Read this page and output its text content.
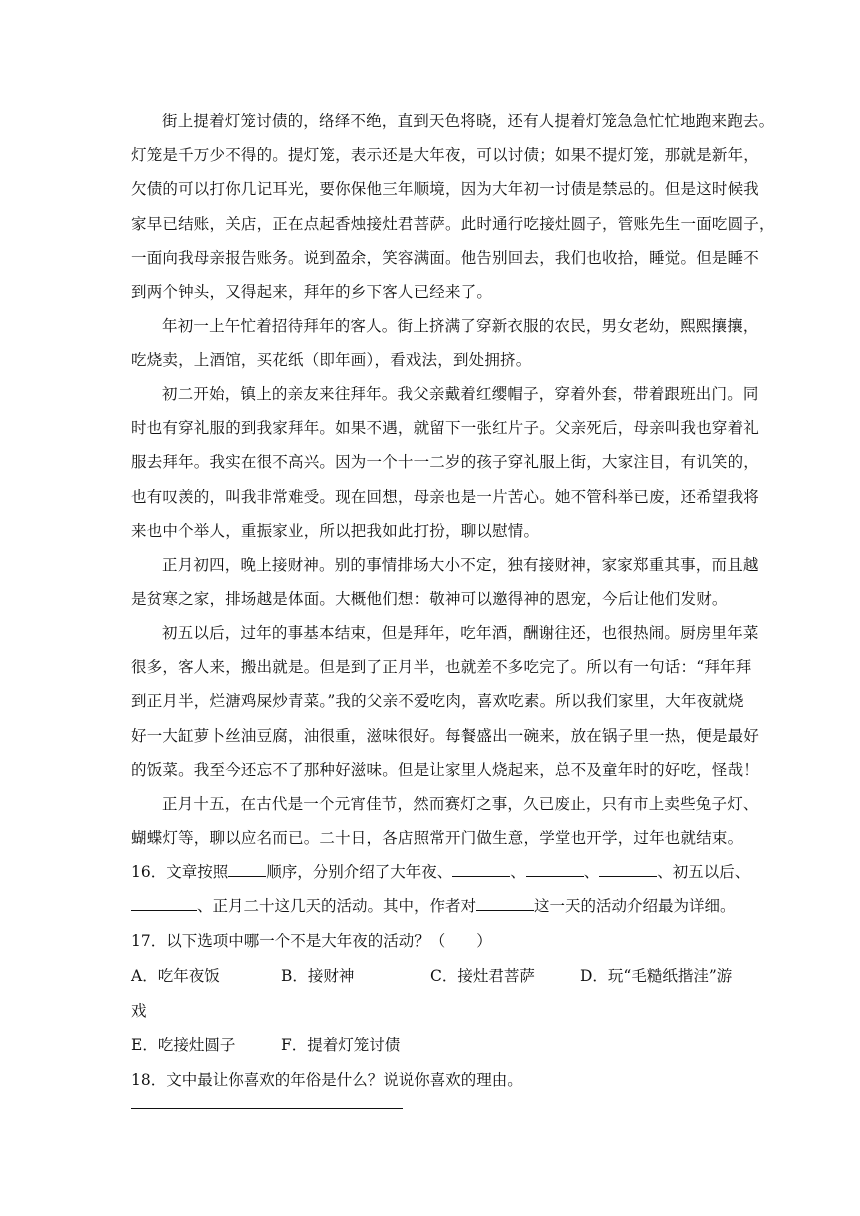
街上提着灯笼讨债的，络绎不绝，直到天色将晓，还有人提着灯笼急急忙忙地跑来跑去。
灯笼是千万少不得的。提灯笼，表示还是大年夜，可以讨债；如果不提灯笼，那就是新年，
欠债的可以打你几记耳光，要你保他三年顺境，因为大年初一讨债是禁忌的。但是这时候我
家早已结账，关店，正在点起香烛接灶君菩萨。此时通行吃接灶圆子，管账先生一面吃圆子，
一面向我母亲报告账务。说到盈余，笑容满面。他告别回去，我们也收拾，睡觉。但是睡不
到两个钟头，又得起来，拜年的乡下客人已经来了。
年初一上午忙着招待拜年的客人。街上挤满了穿新衣服的农民，男女老幼，熙熙攘攘，
吃烧卖，上酒馆，买花纸（即年画），看戏法，到处拥挤。
初二开始，镇上的亲友来往拜年。我父亲戴着红缨帽子，穿着外套，带着跟班出门。同
时也有穿礼服的到我家拜年。如果不遇，就留下一张红片子。父亲死后，母亲叫我也穿着礼
服去拜年。我实在很不高兴。因为一个十一二岁的孩子穿礼服上街，大家注目，有讥笑的，
也有叹羡的，叫我非常难受。现在回想，母亲也是一片苦心。她不管科举已废，还希望我将
来也中个举人，重振家业，所以把我如此打扮，聊以慰情。
正月初四，晚上接财神。别的事情排场大小不定，独有接财神，家家郑重其事，而且越
是贫寒之家，排场越是体面。大概他们想：敬神可以邀得神的恩宠，今后让他们发财。
初五以后，过年的事基本结束，但是拜年，吃年酒，酬谢往还，也很热闹。厨房里年菜
很多，客人来，搬出就是。但是到了正月半，也就差不多吃完了。所以有一句话：“拜年拜
到正月半，烂溏鸡屎炒青菜。”我的父亲不爱吃肉，喜欢吃素。所以我们家里，大年夜就烧
好一大缸萝卜丝油豆腐，油很重，滋味很好。每餐盛出一碗来，放在锅子里一热，便是最好
的饭菜。我至今还忘不了那种好滋味。但是让家里人烧起来，总不及童年时的好吃，怪哉！
正月十五，在古代是一个元宵佳节，然而赛灯之事，久已废止，只有市上卖些兔子灯、
蝴蝶灯等，聊以应名而已。二十日，各店照常开门做生意，学堂也开学，过年也就结束。
16．文章按照 顺序，分别介绍了大年夜、	、	、	、初五以后、
、正月二十这几天的活动。其中，作者对	这一天的活动介绍最为详细。
17．以下选项中哪一个不是大年夜的活动？（　　）
A．吃年夜饭	B．接财神	C．接灶君菩萨	D．玩“毛糙纸揩洼”游
戏
E．吃接灶圆子	F．提着灯笼讨债
18．文中最让你喜欢的年俗是什么？说说你喜欢的理由。
